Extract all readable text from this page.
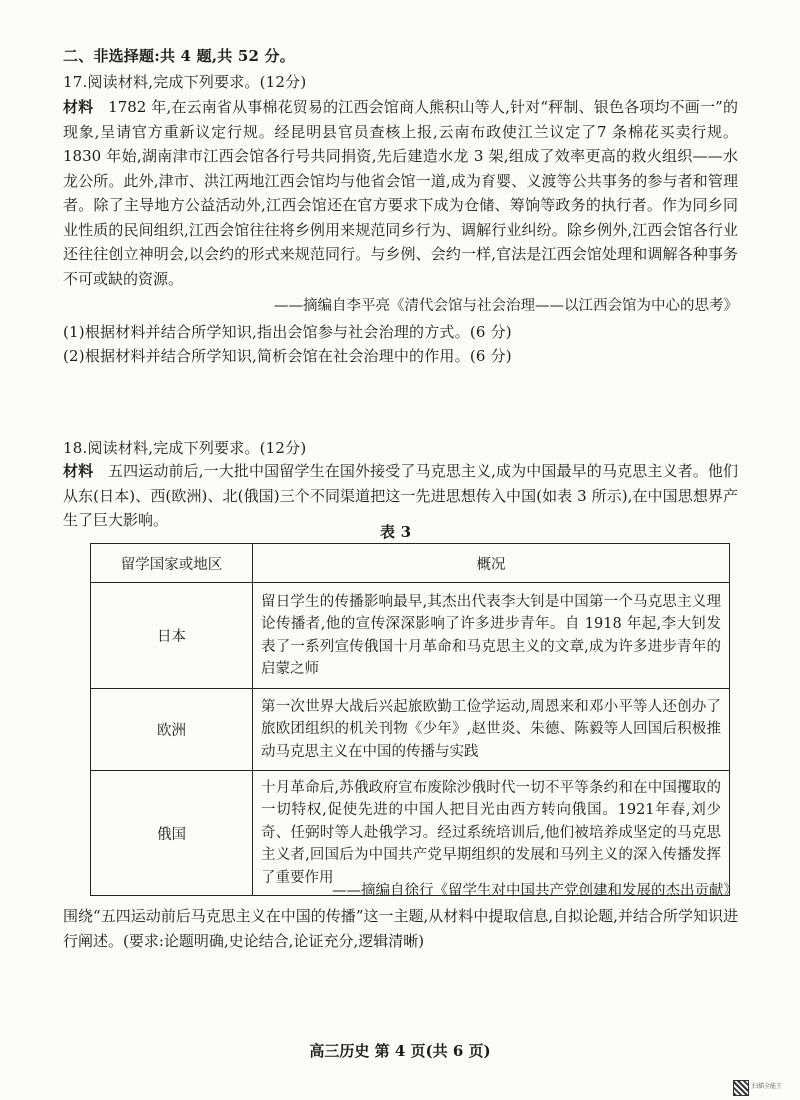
二、非选择题:共 4 题,共 52 分。
17.阅读材料,完成下列要求。(12分)
材料 1782 年,在云南省从事棉花贸易的江西会馆商人熊积山等人,针对“秤制、银色各项均不画一”的现象,呈请官方重新议定行规。经昆明县官员查核上报,云南布政使江兰议定了7 条棉花买卖行规。1830 年始,湖南津市江西会馆各行号共同捐资,先后建造水龙 3 架,组成了效率更高的救火组织——水龙公所。此外,津市、洪江两地江西会馆均与他省会馆一道,成为育婴、义渡等公共事务的参与者和管理者。除了主导地方公益活动外,江西会馆还在官方要求下成为仓储、筹饷等政务的执行者。作为同乡同业性质的民间组织,江西会馆往往将乡例用来规范同乡行为、调解行业纠纷。除乡例外,江西会馆各行业还往往创立神明会,以会约的形式来规范同行。与乡例、会约一样,官法是江西会馆处理和调解各种事务不可或缺的资源。
——摘编自李平亮《清代会馆与社会治理——以江西会馆为中心的思考》
(1)根据材料并结合所学知识,指出会馆参与社会治理的方式。(6 分)
(2)根据材料并结合所学知识,简析会馆在社会治理中的作用。(6 分)
18.阅读材料,完成下列要求。(12分)
材料 五四运动前后,一大批中国留学生在国外接受了马克思主义,成为中国最早的马克思主义者。他们从东(日本)、西(欧洲)、北(俄国)三个不同渠道把这一先进思想传入中国(如表 3 所示),在中国思想界产生了巨大影响。
表 3
留学国家或地区	概况
日本	留日学生的传播影响最早,其杰出代表李大钊是中国第一个马克思主义理论传播者,他的宣传深深影响了许多进步青年。自 1918 年起,李大钊发表了一系列宣传俄国十月革命和马克思主义的文章,成为许多进步青年的启蒙之师
欧洲	第一次世界大战后兴起旅欧勤工俭学运动,周恩来和邓小平等人还创办了旅欧团组织的机关刊物《少年》,赵世炎、朱德、陈毅等人回国后积极推动马克思主义在中国的传播与实践
俄国	十月革命后,苏俄政府宣布废除沙俄时代一切不平等条约和在中国攫取的一切特权,促使先进的中国人把目光由西方转向俄国。1921年春,刘少奇、任弼时等人赴俄学习。经过系统培训后,他们被培养成坚定的马克思主义者,回国后为中国共产党早期组织的发展和马列主义的深入传播发挥了重要作用
——摘编自徐行《留学生对中国共产党创建和发展的杰出贡献》
围绕“五四运动前后马克思主义在中国的传播”这一主题,从材料中提取信息,自拟论题,并结合所学知识进行阐述。(要求:论题明确,史论结合,论证充分,逻辑清晰)
高三历史 第 4 页(共 6 页)
扫描全能王
